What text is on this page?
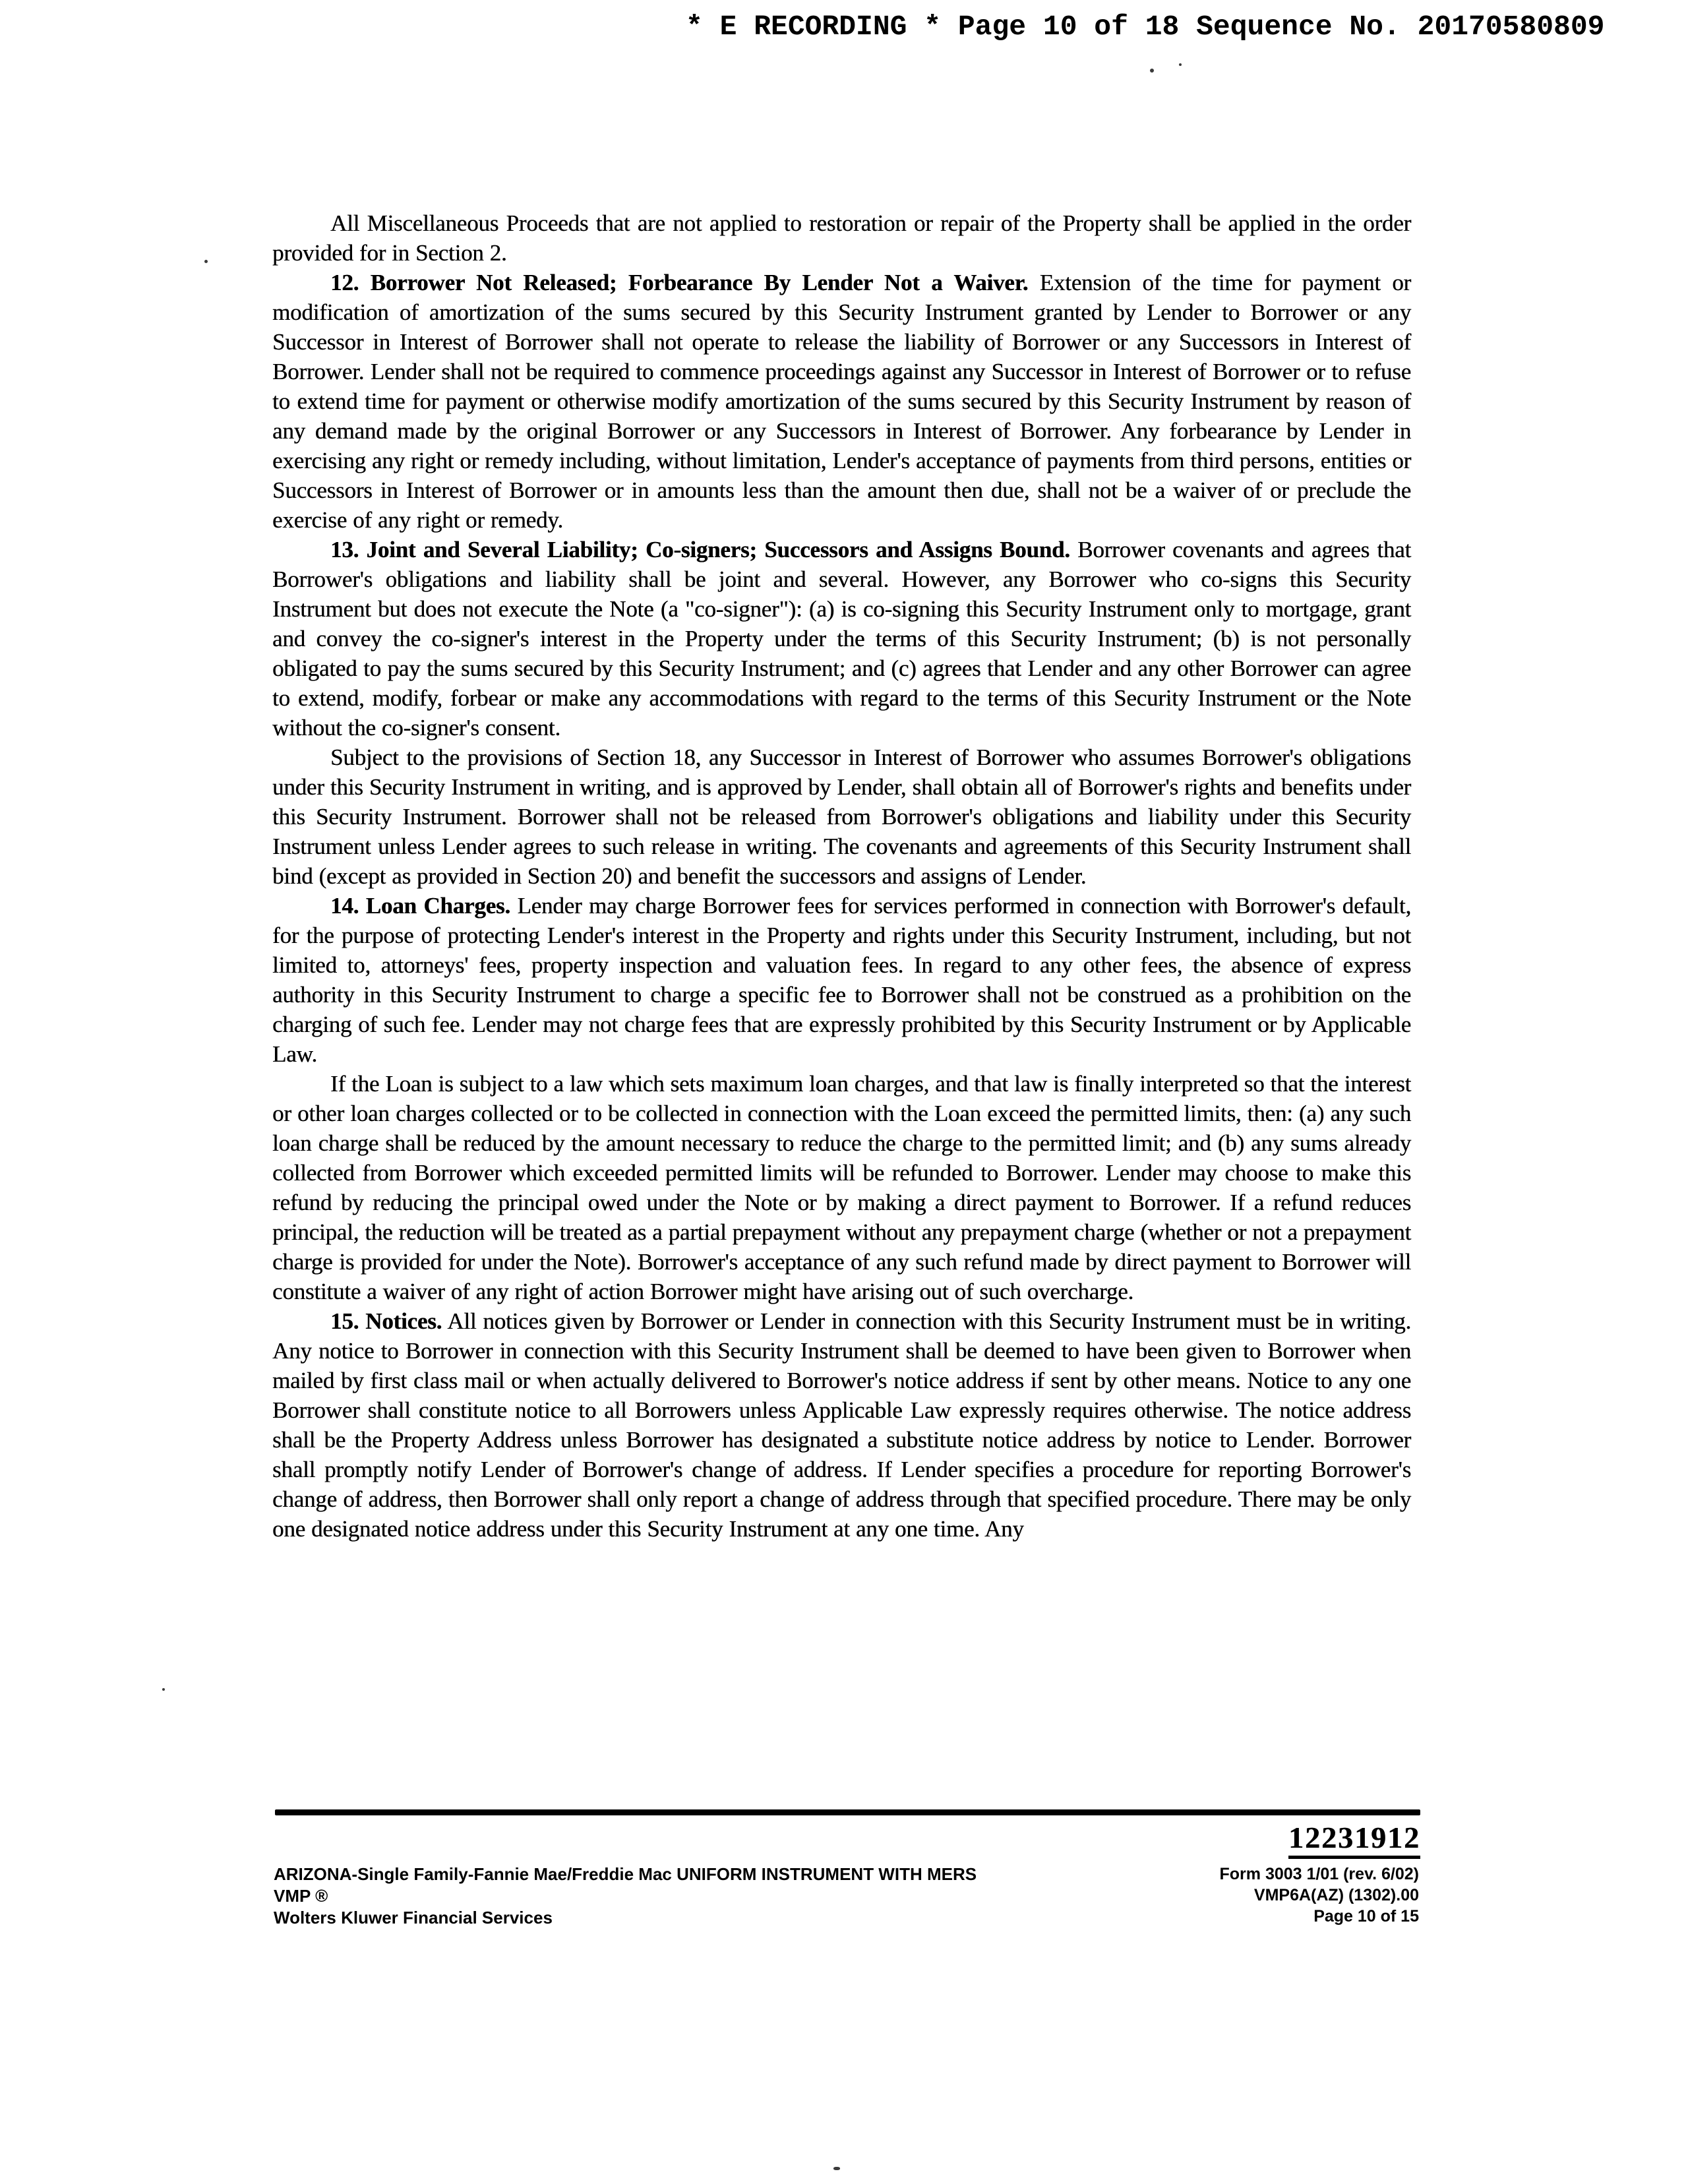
* E RECORDING * Page 10 of 18 Sequence No. 20170580809

All Miscellaneous Proceeds that are not applied to restoration or repair of the Property shall be applied in the order provided for in Section 2.

12. Borrower Not Released; Forbearance By Lender Not a Waiver. Extension of the time for payment or modification of amortization of the sums secured by this Security Instrument granted by Lender to Borrower or any Successor in Interest of Borrower shall not operate to release the liability of Borrower or any Successors in Interest of Borrower. Lender shall not be required to commence proceedings against any Successor in Interest of Borrower or to refuse to extend time for payment or otherwise modify amortization of the sums secured by this Security Instrument by reason of any demand made by the original Borrower or any Successors in Interest of Borrower. Any forbearance by Lender in exercising any right or remedy including, without limitation, Lender's acceptance of payments from third persons, entities or Successors in Interest of Borrower or in amounts less than the amount then due, shall not be a waiver of or preclude the exercise of any right or remedy.

13. Joint and Several Liability; Co-signers; Successors and Assigns Bound. Borrower covenants and agrees that Borrower's obligations and liability shall be joint and several. However, any Borrower who co-signs this Security Instrument but does not execute the Note (a "co-signer"): (a) is co-signing this Security Instrument only to mortgage, grant and convey the co-signer's interest in the Property under the terms of this Security Instrument; (b) is not personally obligated to pay the sums secured by this Security Instrument; and (c) agrees that Lender and any other Borrower can agree to extend, modify, forbear or make any accommodations with regard to the terms of this Security Instrument or the Note without the co-signer's consent.

Subject to the provisions of Section 18, any Successor in Interest of Borrower who assumes Borrower's obligations under this Security Instrument in writing, and is approved by Lender, shall obtain all of Borrower's rights and benefits under this Security Instrument. Borrower shall not be released from Borrower's obligations and liability under this Security Instrument unless Lender agrees to such release in writing. The covenants and agreements of this Security Instrument shall bind (except as provided in Section 20) and benefit the successors and assigns of Lender.

14. Loan Charges. Lender may charge Borrower fees for services performed in connection with Borrower's default, for the purpose of protecting Lender's interest in the Property and rights under this Security Instrument, including, but not limited to, attorneys' fees, property inspection and valuation fees. In regard to any other fees, the absence of express authority in this Security Instrument to charge a specific fee to Borrower shall not be construed as a prohibition on the charging of such fee. Lender may not charge fees that are expressly prohibited by this Security Instrument or by Applicable Law.

If the Loan is subject to a law which sets maximum loan charges, and that law is finally interpreted so that the interest or other loan charges collected or to be collected in connection with the Loan exceed the permitted limits, then: (a) any such loan charge shall be reduced by the amount necessary to reduce the charge to the permitted limit; and (b) any sums already collected from Borrower which exceeded permitted limits will be refunded to Borrower. Lender may choose to make this refund by reducing the principal owed under the Note or by making a direct payment to Borrower. If a refund reduces principal, the reduction will be treated as a partial prepayment without any prepayment charge (whether or not a prepayment charge is provided for under the Note). Borrower's acceptance of any such refund made by direct payment to Borrower will constitute a waiver of any right of action Borrower might have arising out of such overcharge.

15. Notices. All notices given by Borrower or Lender in connection with this Security Instrument must be in writing. Any notice to Borrower in connection with this Security Instrument shall be deemed to have been given to Borrower when mailed by first class mail or when actually delivered to Borrower's notice address if sent by other means. Notice to any one Borrower shall constitute notice to all Borrowers unless Applicable Law expressly requires otherwise. The notice address shall be the Property Address unless Borrower has designated a substitute notice address by notice to Lender. Borrower shall promptly notify Lender of Borrower's change of address. If Lender specifies a procedure for reporting Borrower's change of address, then Borrower shall only report a change of address through that specified procedure. There may be only one designated notice address under this Security Instrument at any one time. Any

12231912
ARIZONA-Single Family-Fannie Mae/Freddie Mac UNIFORM INSTRUMENT WITH MERS
VMP ®
Wolters Kluwer Financial Services
Form 3003 1/01 (rev. 6/02)
VMP6A(AZ) (1302).00
Page 10 of 15
